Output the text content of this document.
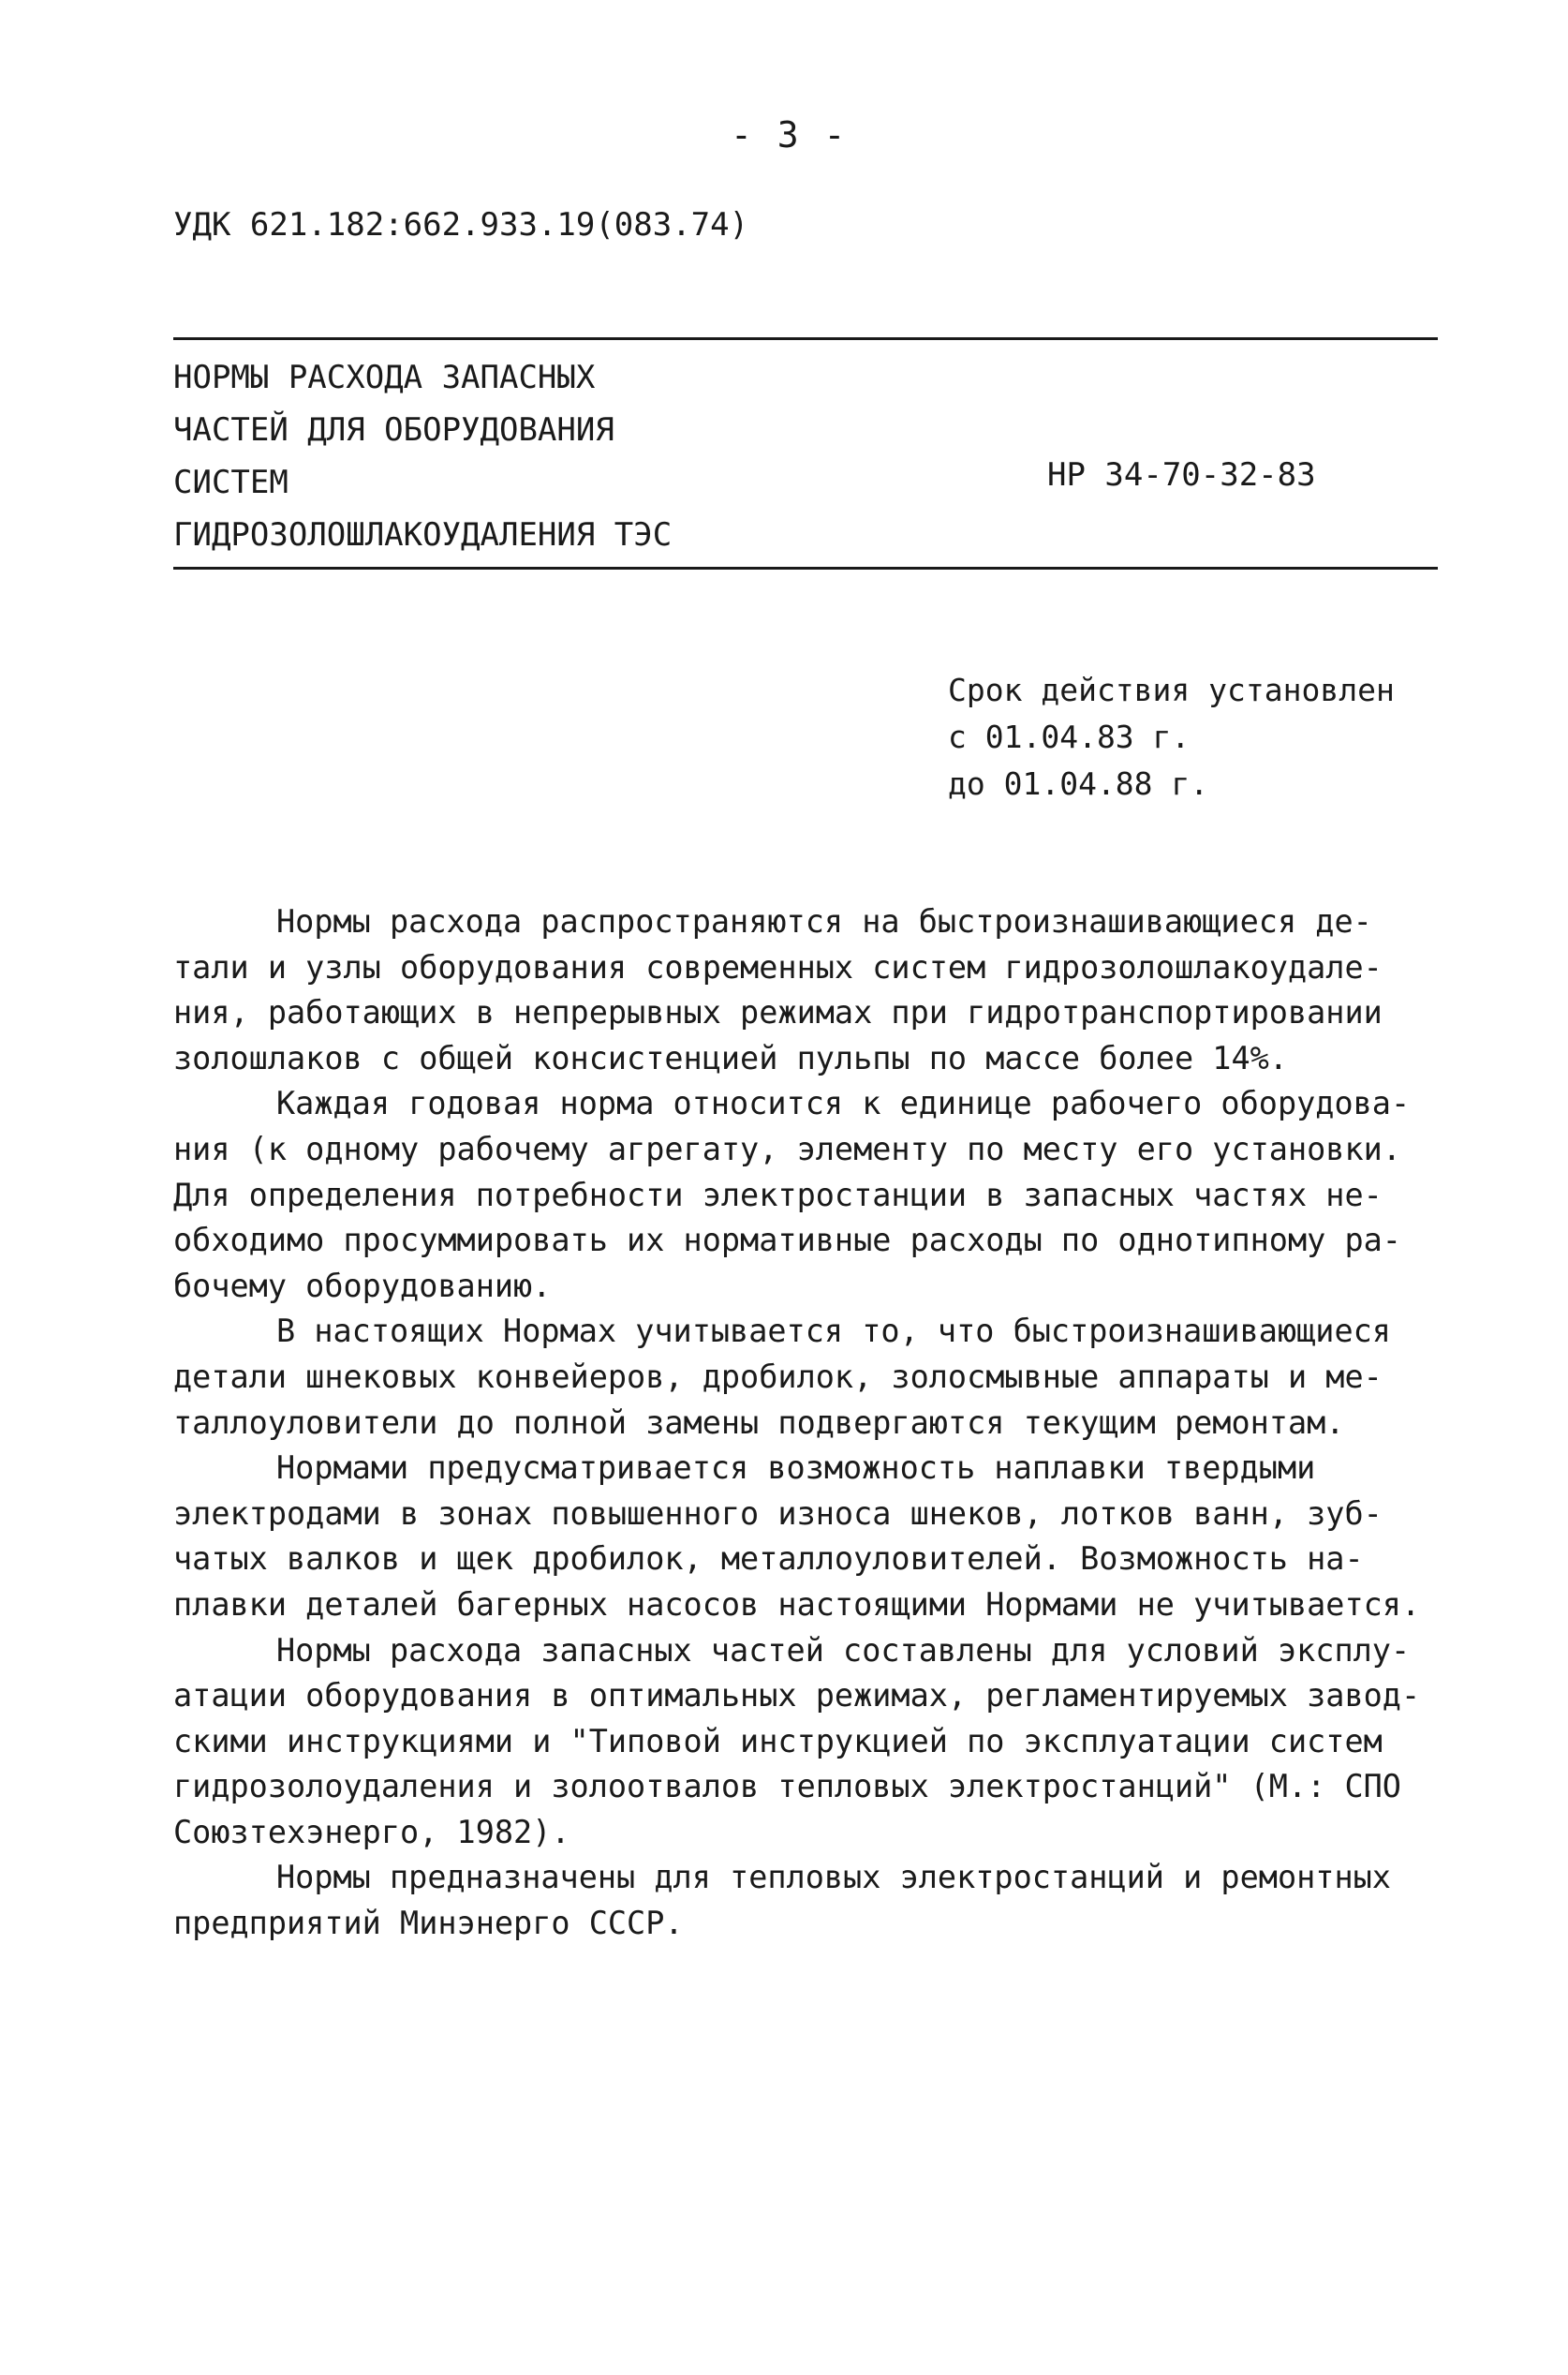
- 3 -
УДК 621.182:662.933.19(083.74)
НОРМЫ РАСХОДА ЗАПАСНЫХ
ЧАСТЕЙ ДЛЯ ОБОРУДОВАНИЯ
СИСТЕМ
ГИДРОЗОЛОШЛАКОУДАЛЕНИЯ ТЭС
НР 34-70-32-83
Срок действия установлен
с 01.04.83 г.
до 01.04.88 г.
Нормы расхода распространяются на быстроизнашивающиеся де-
тали и узлы оборудования современных систем гидрозолошлакоудале-
ния, работающих в непрерывных режимах при гидротранспортировании
золошлаков с общей консистенцией пульпы по массе более 14%.
Каждая годовая норма относится к единице рабочего оборудова-
ния (к одному рабочему агрегату, элементу по месту его установки.
Для определения потребности электростанции в запасных частях не-
обходимо просуммировать их нормативные расходы по однотипному ра-
бочему оборудованию.
В настоящих Нормах учитывается то, что быстроизнашивающиеся
детали шнековых конвейеров, дробилок, золосмывные аппараты и ме-
таллоуловители до полной замены подвергаются текущим ремонтам.
Нормами предусматривается возможность наплавки твердыми
электродами в зонах повышенного износа шнеков, лотков ванн, зуб-
чатых валков и щек дробилок, металлоуловителей. Возможность на-
плавки деталей багерных насосов настоящими Нормами не учитывается.
Нормы расхода запасных частей составлены для условий эксплу-
атации оборудования в оптимальных режимах, регламентируемых завод-
скими инструкциями и "Типовой инструкцией по эксплуатации систем
гидрозолоудаления и золоотвалов тепловых электростанций" (М.: СПО
Союзтехэнерго, 1982).
Нормы предназначены для тепловых электростанций и ремонтных
предприятий Минэнерго СССР.
